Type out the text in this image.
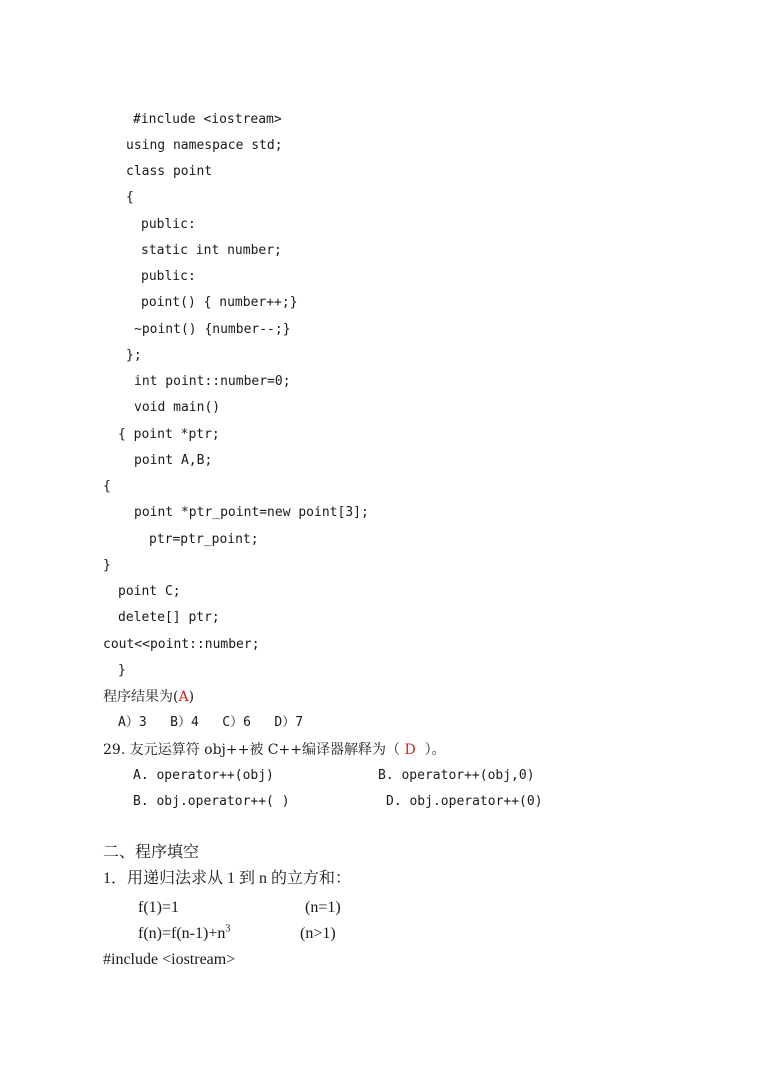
#include <iostream>
using namespace std;
class point
{
public:
static int number;
public:
point() { number++;}
~point() {number--;}
};
int point::number=0;
void main()
{ point *ptr;
point A,B;
{
point *ptr_point=new point[3];
ptr=ptr_point;
}
point C;
delete[] ptr;
cout<<point::number;
}
程序结果为(A)
A）3   B）4   C）6   D）7
29. 友元运算符 obj++被 C++编译器解释为（ D  ）。
A. operator++(obj)	B. operator++(obj,0)
B. obj.operator++( )	D. obj.operator++(0)
二、程序填空
1．用递归法求从 1 到 n 的立方和：
f(1)=1	(n=1)
$f(n)=f(n-1)+n^3$	(n>1)
#include <iostream>
